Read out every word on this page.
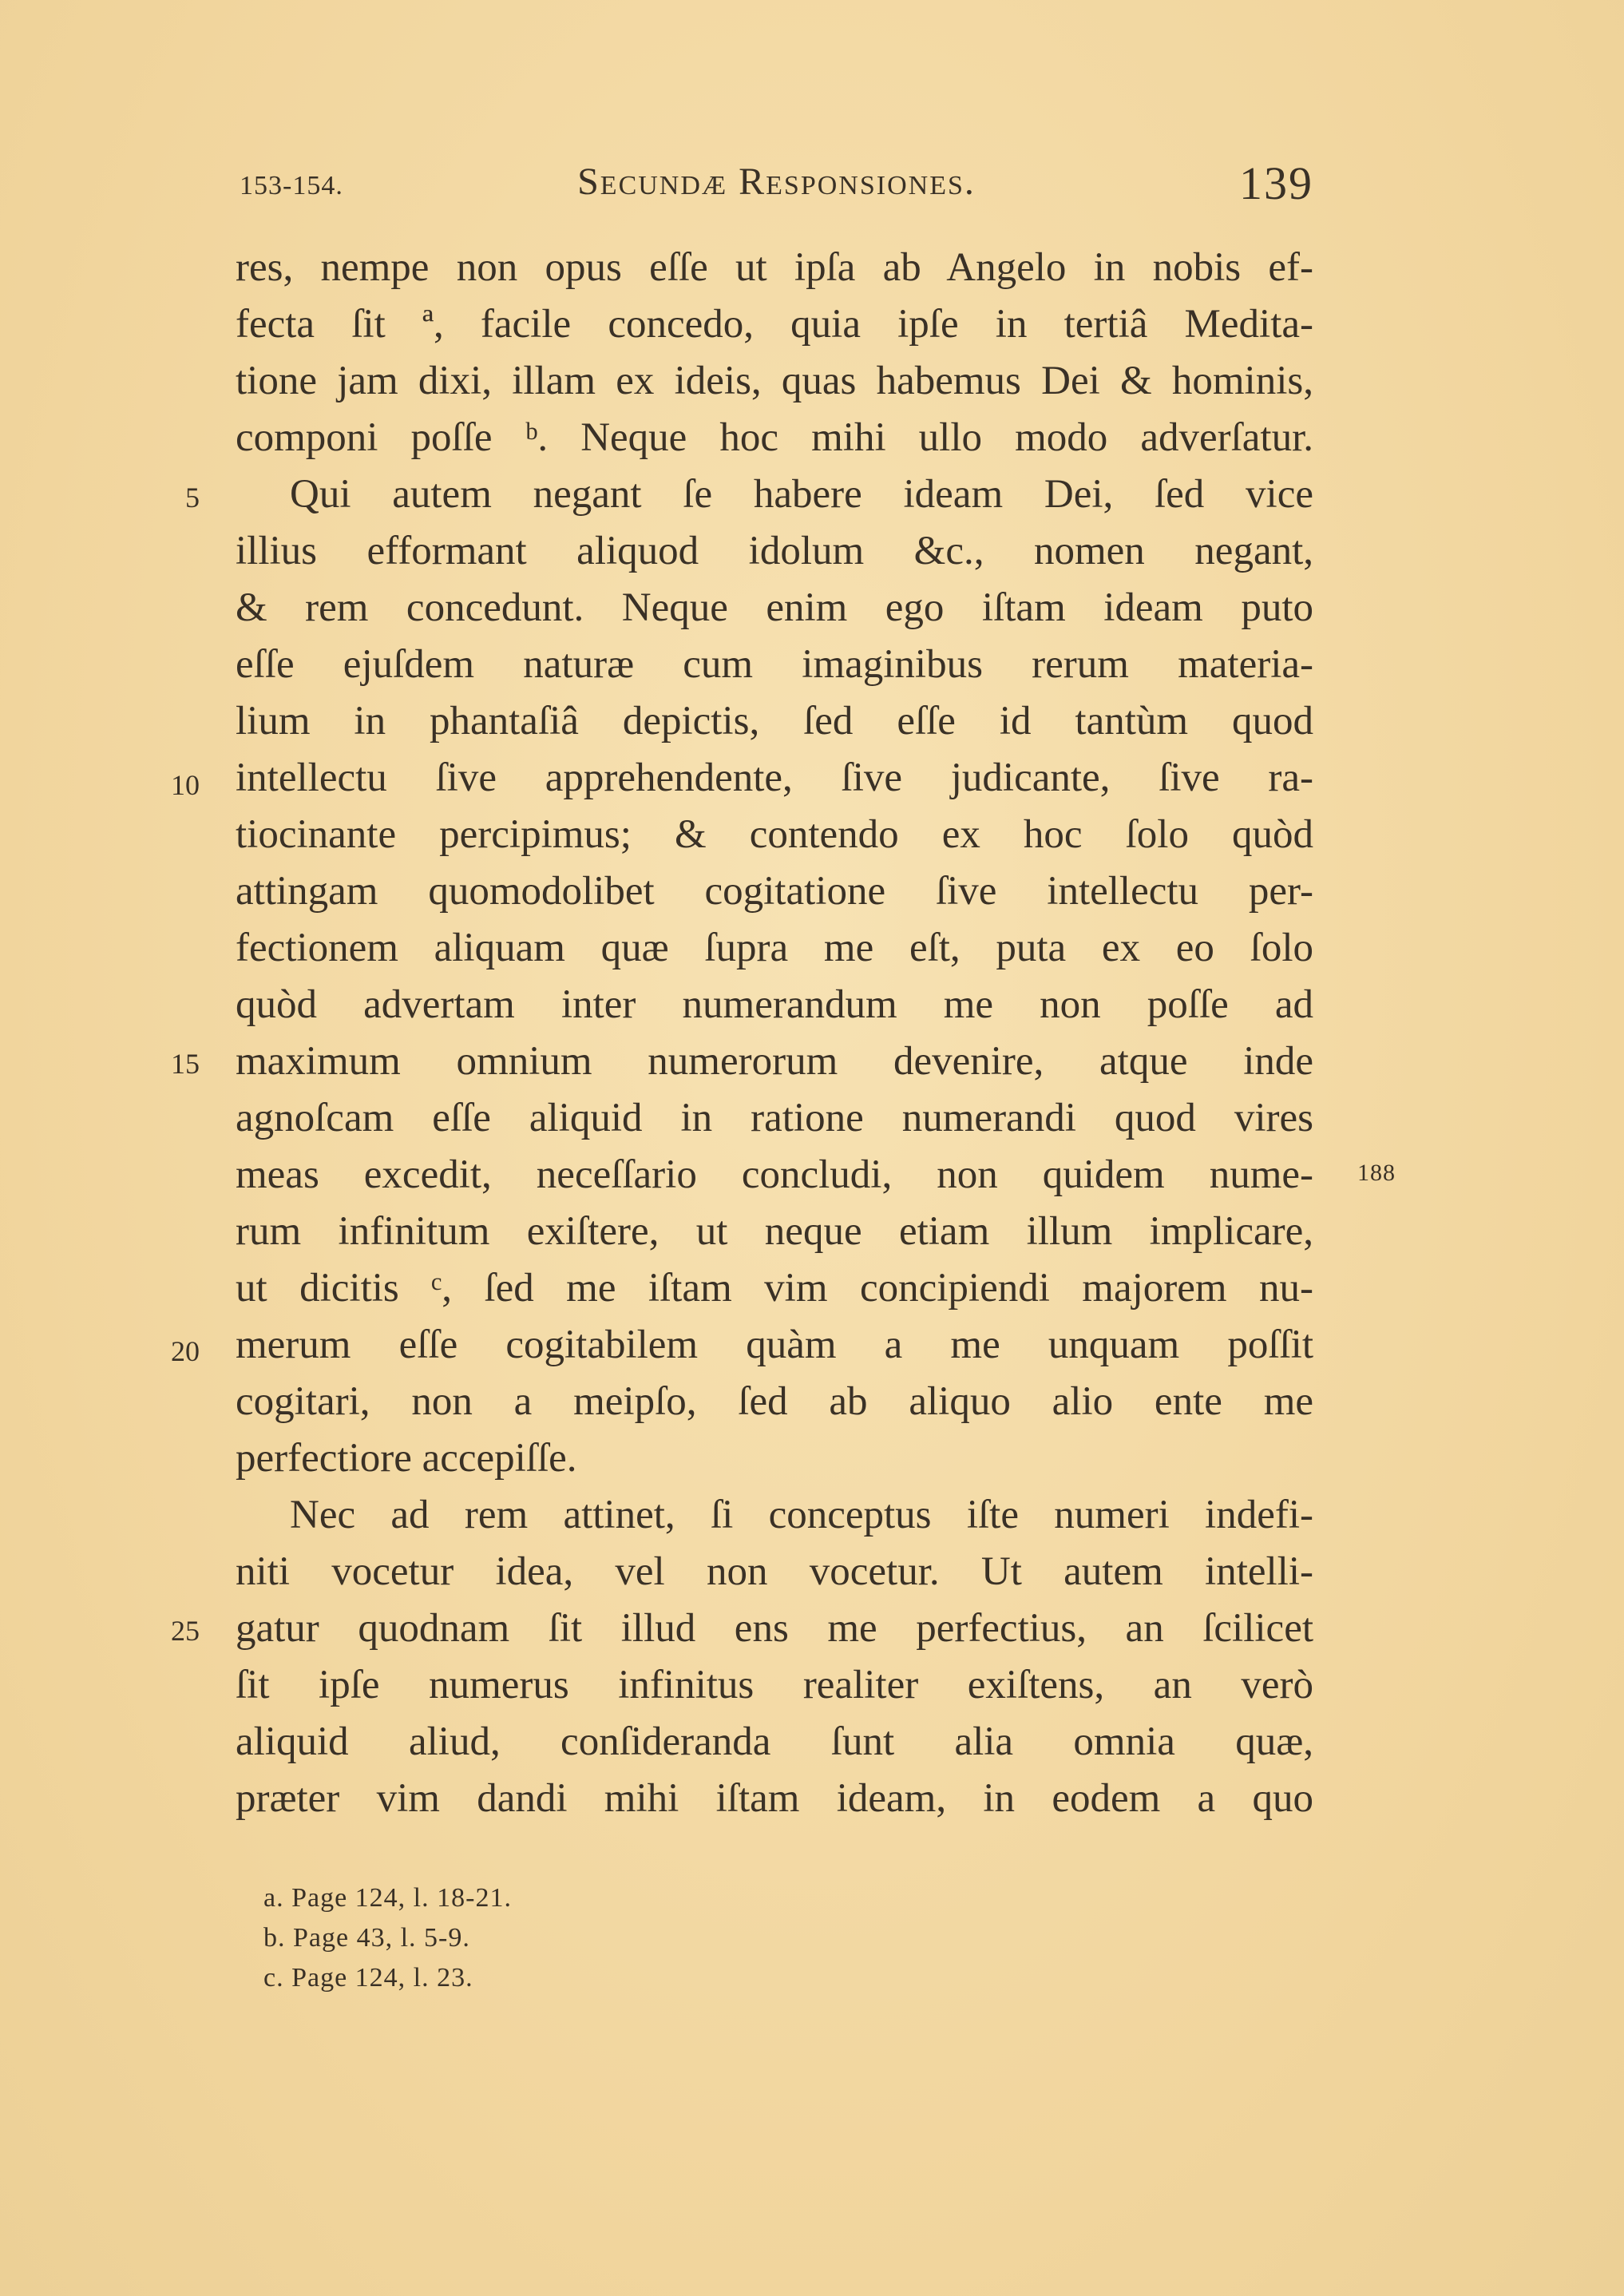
153-154.	Secundæ Responsiones.	139
5
10
15
20
25
188
res, nempe non opus eſſe ut ipſa ab Angelo in nobis ef-
fecta ſit ª, facile concedo, quia ipſe in tertiâ Medita-
tione jam dixi, illam ex ideis, quas habemus Dei & hominis,
componi poſſe ᵇ. Neque hoc mihi ullo modo adverſatur.
Qui autem negant ſe habere ideam Dei, ſed vice
illius efformant aliquod idolum &c., nomen negant,
& rem concedunt. Neque enim ego iſtam ideam puto
eſſe ejuſdem naturæ cum imaginibus rerum materia-
lium in phantaſiâ depictis, ſed eſſe id tantùm quod
intellectu ſive apprehendente, ſive judicante, ſive ra-
tiocinante percipimus; & contendo ex hoc ſolo quòd
attingam quomodolibet cogitatione ſive intellectu per-
fectionem aliquam quæ ſupra me eſt, puta ex eo ſolo
quòd advertam inter numerandum me non poſſe ad
maximum omnium numerorum devenire, atque inde
agnoſcam eſſe aliquid in ratione numerandi quod vires
meas excedit, neceſſario concludi, non quidem nume-
rum infinitum exiſtere, ut neque etiam illum implicare,
ut dicitis ᶜ, ſed me iſtam vim concipiendi majorem nu-
merum eſſe cogitabilem quàm a me unquam poſſit
cogitari, non a meipſo, ſed ab aliquo alio ente me
perfectiore accepiſſe.
Nec ad rem attinet, ſi conceptus iſte numeri indefi-
niti vocetur idea, vel non vocetur. Ut autem intelli-
gatur quodnam ſit illud ens me perfectius, an ſcilicet
ſit ipſe numerus infinitus realiter exiſtens, an verò
aliquid aliud, conſideranda ſunt alia omnia quæ,
præter vim dandi mihi iſtam ideam, in eodem a quo
a. Page 124, l. 18-21.
b. Page 43, l. 5-9.
c. Page 124, l. 23.
